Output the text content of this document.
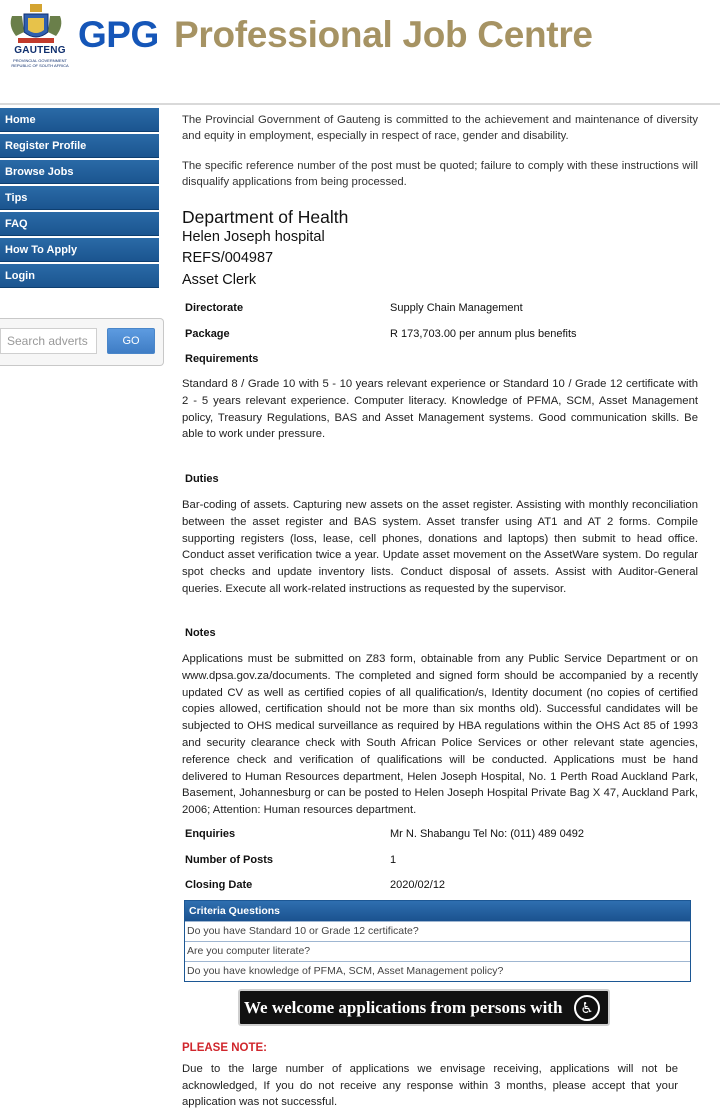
GAUTENG
PROVINCIAL GOVERNMENT REPUBLIC OF SOUTH AFRICA
GPG Professional Job Centre
Home
Register Profile
Browse Jobs
Tips
FAQ
How To Apply
Login
Search adverts	GO

The Provincial Government of Gauteng is committed to the achievement and maintenance of diversity and equity in employment, especially in respect of race, gender and disability.

The specific reference number of the post must be quoted; failure to comply with these instructions will disqualify applications from being processed.

Department of Health
Helen Joseph hospital
REFS/004987
Asset Clerk
Directorate	Supply Chain Management
Package	R 173,703.00 per annum plus benefits
Requirements

Standard 8 / Grade 10 with 5 - 10 years relevant experience or Standard 10 / Grade 12 certificate with 2 - 5 years relevant experience. Computer literacy. Knowledge of PFMA, SCM, Asset Management policy, Treasury Regulations, BAS and Asset Management systems. Good communication skills. Be able to work under pressure.

Duties

Bar-coding of assets. Capturing new assets on the asset register. Assisting with monthly reconciliation between the asset register and BAS system. Asset transfer using AT1 and AT 2 forms. Compile supporting registers (loss, lease, cell phones, donations and laptops) then submit to head office. Conduct asset verification twice a year. Update asset movement on the AssetWare system. Do regular spot checks and update inventory lists. Conduct disposal of assets. Assist with Auditor-General queries. Execute all work-related instructions as requested by the supervisor.

Notes

Applications must be submitted on Z83 form, obtainable from any Public Service Department or on www.dpsa.gov.za/documents. The completed and signed form should be accompanied by a recently updated CV as well as certified copies of all qualification/s, Identity document (no copies of certified copies allowed, certification should not be more than six months old). Successful candidates will be subjected to OHS medical surveillance as required by HBA regulations within the OHS Act 85 of 1993 and security clearance check with South African Police Services or other relevant state agencies, reference check and verification of qualifications will be conducted. Applications must be hand delivered to Human Resources department, Helen Joseph Hospital, No. 1 Perth Road Auckland Park, Basement, Johannesburg or can be posted to Helen Joseph Hospital Private Bag X 47, Auckland Park, 2006; Attention: Human resources department.

Enquiries	Mr N. Shabangu Tel No: (011) 489 0492
Number of Posts	1
Closing Date	2020/02/12
Criteria Questions
Do you have Standard 10 or Grade 12 certificate?
Are you computer literate?
Do you have knowledge of PFMA, SCM, Asset Management policy?
We welcome applications from persons with disAbilities
♿
PLEASE NOTE:

Due to the large number of applications we envisage receiving, applications will not be acknowledged, If you do not receive any response within 3 months, please accept that your application was not successful.
